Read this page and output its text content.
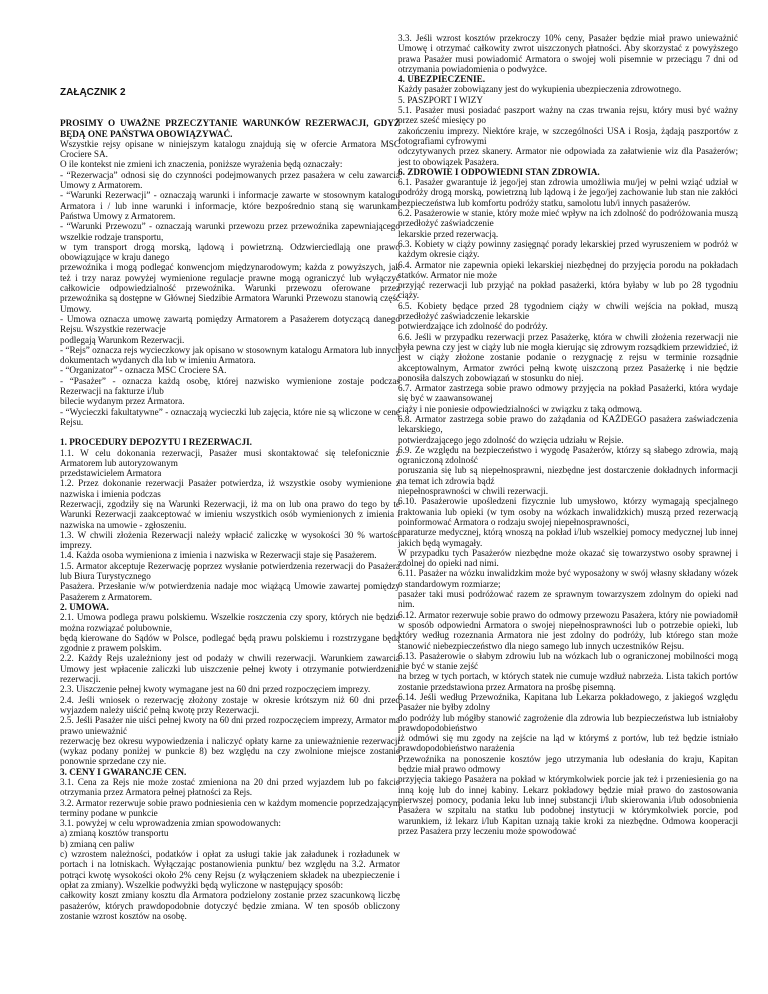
ZAŁĄCZNIK 2
PROSIMY O UWAŻNE PRZECZYTANIE WARUNKÓW REZERWACJI, GDYŻ BĘDĄ ONE PAŃSTWA OBOWIĄZYWAĆ.
Wszystkie rejsy opisane w niniejszym katalogu znajdują się w ofercie Armatora MSC Crociere SA.
O ile kontekst nie zmieni ich znaczenia, poniższe wyrażenia będą oznaczały:
- “Rezerwacja” odnosi się do czynności podejmowanych przez pasażera w celu zawarcia Umowy z Armatorem.
- “Warunki Rezerwacji” - oznaczają warunki i informacje zawarte w stosownym katalogu Armatora i / lub inne warunki i informacje, które bezpośrednio staną się warunkami Państwa Umowy z Armatorem.
- “Warunki Przewozu” - oznaczają warunki przewozu przez przewoźnika zapewniającego wszelkie rodzaje transportu,
w tym transport drogą morską, lądową i powietrzną. Odzwierciedlają one prawo obowiązujące w kraju danego
przewoźnika i mogą podlegać konwencjom międzynarodowym; każda z powyższych, jak też i trzy naraz powyżej wymienione regulacje prawne mogą ograniczyć lub wyłączyć całkowicie odpowiedzialność przewoźnika. Warunki przewozu oferowane przez przewoźnika są dostępne w Głównej Siedzibie Armatora Warunki Przewozu stanowią część Umowy.
- Umowa oznacza umowę zawartą pomiędzy Armatorem a Pasażerem dotyczącą danego Rejsu. Wszystkie rezerwacje
podlegają Warunkom Rezerwacji.
- “Rejs” oznacza rejs wycieczkowy jak opisano w stosownym katalogu Armatora lub innych dokumentach wydanych dla lub w imieniu Armatora.
- “Organizator” - oznacza MSC Crociere SA.
- “Pasażer” - oznacza każdą osobę, której nazwisko wymienione zostaje podczas Rezerwacji na fakturze i/lub
bilecie wydanym przez Armatora.
- “Wycieczki fakultatywne” - oznaczają wycieczki lub zajęcia, które nie są wliczone w cenę Rejsu.
1. PROCEDURY DEPOZYTU I REZERWACJI.
1.1. W celu dokonania rezerwacji, Pasażer musi skontaktować się telefonicznie z Armatorem lub autoryzowanym
przedstawicielem Armatora
1.2. Przez dokonanie rezerwacji Pasażer potwierdza, iż wszystkie osoby wymienione z nazwiska i imienia podczas
Rezerwacji, zgodziły się na Warunki Rezerwacji, iż ma on lub ona prawo do tego by te Warunki Rezerwacji zaakceptować w imieniu wszystkich osób wymienionych z imienia i nazwiska na umowie - zgłoszeniu.
1.3. W chwili złożenia Rezerwacji należy wpłacić zaliczkę w wysokości 30 % wartości imprezy.
1.4. Każda osoba wymieniona z imienia i nazwiska w Rezerwacji staje się Pasażerem.
1.5. Armator akceptuje Rezerwację poprzez wysłanie potwierdzenia rezerwacji do Pasażera lub Biura Turystycznego
Pasażera. Przesłanie w/w potwierdzenia nadaje moc wiążącą Umowie zawartej pomiędzy Pasażerem z Armatorem.
2. UMOWA.
2.1. Umowa podlega prawu polskiemu. Wszelkie roszczenia czy spory, których nie będzie można rozwiązać polubownie,
będą kierowane do Sądów w Polsce, podlegać będą prawu polskiemu i rozstrzygane będą zgodnie z prawem polskim.
2.2. Każdy Rejs uzależniony jest od podaży w chwili rezerwacji. Warunkiem zawarcia Umowy jest wpłacenie zaliczki lub uiszczenie pełnej kwoty i otrzymanie potwierdzenia rezerwacji.
2.3. Uiszczenie pełnej kwoty wymagane jest na 60 dni przed rozpoczęciem imprezy.
2.4. Jeśli wniosek o rezerwację złożony zostaje w okresie krótszym niż 60 dni przed wyjazdem należy uiścić pełną kwotę przy Rezerwacji.
2.5. Jeśli Pasażer nie uiści pełnej kwoty na 60 dni przed rozpoczęciem imprezy, Armator ma prawo unieważnić
rezerwację bez okresu wypowiedzenia i naliczyć opłaty karne za unieważnienie rezerwacji (wykaz podany poniżej w punkcie 8) bez względu na czy zwolnione miejsce zostanie ponownie sprzedane czy nie.
3. CENY I GWARANCJE CEN.
3.1. Cena za Rejs nie może zostać zmieniona na 20 dni przed wyjazdem lub po fakcie otrzymania przez Armatora pełnej płatności za Rejs.
3.2. Armator rezerwuje sobie prawo podniesienia cen w każdym momencie poprzedzającym terminy podane w punkcie
3.1. powyżej w celu wprowadzenia zmian spowodowanych:
a) zmianą kosztów transportu
b) zmianą cen paliw
c) wzrostem należności, podatków i opłat za usługi takie jak załadunek i rozładunek w portach i na lotniskach. Wyłączając postanowienia punktu/ bez względu na 3.2. Armator potrąci kwotę wysokości około 2% ceny Rejsu (z wyłączeniem składek na ubezpieczenie i opłat za zmiany). Wszelkie podwyżki będą wyliczone w następujący sposób:
całkowity koszt zmiany kosztu dla Armatora podzielony zostanie przez szacunkową liczbę pasażerów, których prawdopodobnie dotyczyć będzie zmiana. W ten sposób obliczony zostanie wzrost kosztów na osobę.
3.3. Jeśli wzrost kosztów przekroczy 10% ceny, Pasażer będzie miał prawo unieważnić Umowę i otrzymać całkowity zwrot uiszczonych płatności. Aby skorzystać z powyższego prawa Pasażer musi powiadomić Armatora o swojej woli pisemnie w przeciągu 7 dni od otrzymania powiadomienia o podwyżce.
4. UBEZPIECZENIE.
Każdy pasażer zobowiązany jest do wykupienia ubezpieczenia zdrowotnego.
5. PASZPORT I WIZY
5.1. Pasażer musi posiadać paszport ważny na czas trwania rejsu, który musi być ważny przez sześć miesięcy po
zakończeniu imprezy. Niektóre kraje, w szczególności USA i Rosja, żądają paszportów z fotografiami cyfrowymi
odczytywanych przez skanery. Armator nie odpowiada za załatwienie wiz dla Pasażerów; jest to obowiązek Pasażera.
6. ZDROWIE I ODPOWIEDNI STAN ZDROWIA.
6.1. Pasażer gwarantuje iż jego/jej stan zdrowia umożliwia mu/jej w pełni wziąć udział w podróży drogą morską, powietrzną lub lądową i że jego/jej zachowanie lub stan nie zakłóci bezpieczeństwa lub komfortu podróży statku, samolotu lub/i innych pasażerów.
6.2. Pasażerowie w stanie, który może mieć wpływ na ich zdolność do podróżowania muszą przedłożyć zaświadczenie
lekarskie przed rezerwacją.
6.3. Kobiety w ciąży powinny zasięgnąć porady lekarskiej przed wyruszeniem w podróż w każdym okresie ciąży.
6.4. Armator nie zapewnia opieki lekarskiej niezbędnej do przyjęcia porodu na pokładach statków. Armator nie może
przyjąć rezerwacji lub przyjąć na pokład pasażerki, która byłaby w lub po 28 tygodniu ciąży.
6.5. Kobiety będące przed 28 tygodniem ciąży w chwili wejścia na pokład, muszą przedłożyć zaświadczenie lekarskie
potwierdzające ich zdolność do podróży.
6.6. Jeśli w przypadku rezerwacji przez Pasażerkę, która w chwili złożenia rezerwacji nie była pewna czy jest w ciąży lub nie mogła kierując się zdrowym rozsądkiem przewidzieć, iż jest w ciąży złożone zostanie podanie o rezygnację z rejsu w terminie rozsądnie akceptowalnym, Armator zwróci pełną kwotę uiszczoną przez Pasażerkę i nie będzie ponosiła dalszych zobowiązań w stosunku do niej.
6.7. Armator zastrzega sobie prawo odmowy przyjęcia na pokład Pasażerki, która wydaje się być w zaawansowanej
ciąży i nie poniesie odpowiedzialności w związku z taką odmową.
6.8. Armator zastrzega sobie prawo do zażądania od KAŻDEGO pasażera zaświadczenia lekarskiego,
potwierdzającego jego zdolność do wzięcia udziału w Rejsie.
6.9. Ze względu na bezpieczeństwo i wygodę Pasażerów, którzy są słabego zdrowia, mają ograniczoną zdolność
poruszania się lub są niepełnosprawni, niezbędne jest dostarczenie dokładnych informacji na temat ich zdrowia bądź
niepełnosprawności w chwili rezerwacji.
6.10. Pasażerowie upośledzeni fizycznie lub umysłowo, którzy wymagają specjalnego traktowania lub opieki (w tym osoby na wózkach inwalidzkich) muszą przed rezerwacją poinformować Armatora o rodzaju swojej niepełnosprawności,
aparaturze medycznej, którą wnoszą na pokład i/lub wszelkiej pomocy medycznej lub innej jakich będą wymagały.
W przypadku tych Pasażerów niezbędne może okazać się towarzystwo osoby sprawnej i zdolnej do opieki nad nimi.
6.11. Pasażer na wózku inwalidzkim może być wyposażony w swój własny składany wózek o standardowym rozmiarze;
pasażer taki musi podróżować razem ze sprawnym towarzyszem zdolnym do opieki nad nim.
6.12. Armator rezerwuje sobie prawo do odmowy przewozu Pasażera, który nie powiadomił w sposób odpowiedni Armatora o swojej niepełnosprawności lub o potrzebie opieki, lub który według rozeznania Armatora nie jest zdolny do podróży, lub którego stan może stanowić niebezpieczeństwo dla niego samego lub innych uczestników Rejsu.
6.13. Pasażerowie o słabym zdrowiu lub na wózkach lub o ograniczonej mobilności mogą nie być w stanie zejść
na brzeg w tych portach, w których statek nie cumuje wzdłuż nabrzeża. Lista takich portów zostanie przedstawiona przez Armatora na prośbę pisemną.
6.14. Jeśli według Przewoźnika, Kapitana lub Lekarza pokładowego, z jakiegoś względu Pasażer nie byłby zdolny
do podróży lub mógłby stanowić zagrożenie dla zdrowia lub bezpieczeństwa lub istniałoby prawdopodobieństwo
iż odmówi się mu zgody na zejście na ląd w którymś z portów, lub też będzie istniało prawdopodobieństwo narażenia
Przewoźnika na ponoszenie kosztów jego utrzymania lub odesłania do kraju, Kapitan będzie miał prawo odmowy
przyjęcia takiego Pasażera na pokład w którymkolwiek porcie jak też i przeniesienia go na inną koję lub do innej kabiny. Lekarz pokładowy będzie miał prawo do zastosowania pierwszej pomocy, podania leku lub innej substancji i/lub skierowania i/lub odosobnienia Pasażera w szpitalu na statku lub podobnej instytucji w którymkolwiek porcie, pod warunkiem, iż lekarz i/lub Kapitan uznają takie kroki za niezbędne. Odmowa kooperacji przez Pasażera przy leczeniu może spowodować
